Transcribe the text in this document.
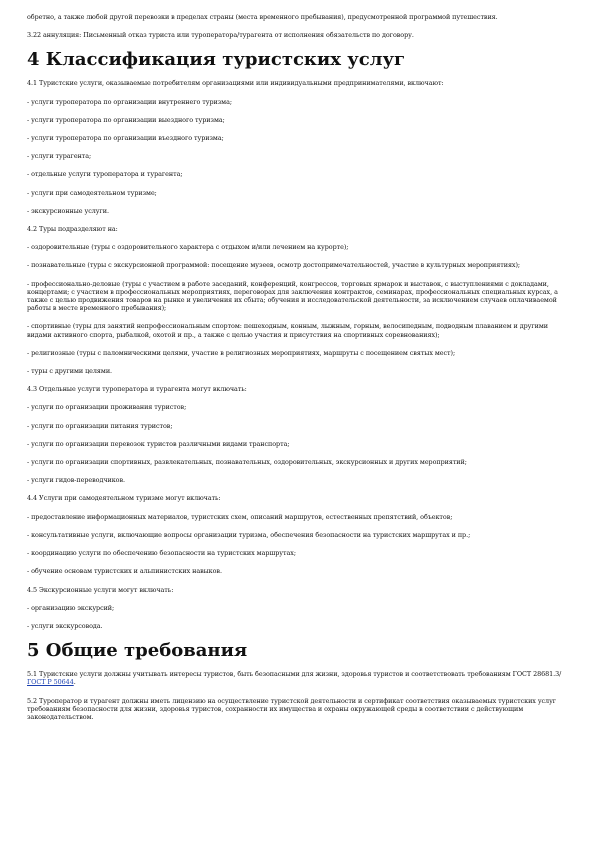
обретно, а также любой другой перевозки в пределах страны (места временного пребывания), предусмотренной программой путешествия.

3.22 аннуляция: Письменный отказ туриста или туроператора/турагента от исполнения обязательств по договору.

4 Классификация туристских услуг

4.1 Туристские услуги, оказываемые потребителям организациями или индивидуальными предпринимателями, включают:

- услуги туроператора по организации внутреннего туризма;

- услуги туроператора по организации выездного туризма;

- услуги туроператора по организации въездного туризма;

- услуги турагента;

- отдельные услуги туроператора и турагента;

- услуги при самодеятельном туризме;

- экскурсионные услуги.

4.2 Туры подразделяют на:

- оздоровительные (туры с оздоровительного характера с отдыхом и/или лечением на курорте);

- познавательные (туры с экскурсионной программой: посещение музеев, осмотр достопримечательностей, участие в культурных мероприятиях);

- профессионально-деловые (туры с участием в работе заседаний, конференций, конгрессов, торговых ярмарок и выставок, с выступлениями с докладами, концертами; с участием в профессиональных мероприятиях, переговорах для заключения контрактов, семинарах, профессиональных специальных курсах, а также с целью продвижения товаров на рынке и увеличения их сбыта; обучения и исследовательской деятельности, за исключением случаев оплачиваемой работы в месте временного пребывания);

- спортивные (туры для занятий непрофессиональным спортом: пешеходным, конным, лыжным, горным, велосипедным, подводным плаванием и другими видами активного спорта, рыбалкой, охотой и пр., а также с целью участия и присутствия на спортивных соревнованиях);

- религиозные (туры с паломническими целями, участие в религиозных мероприятиях, маршруты с посещением святых мест);

- туры с другими целями.

4.3 Отдельные услуги туроператора и турагента могут включать:

- услуги по организации проживания туристов;

- услуги по организации питания туристов;

- услуги по организации перевозок туристов различными видами транспорта;

- услуги по организации спортивных, развлекательных, познавательных, оздоровительных, экскурсионных и других мероприятий;

- услуги гидов-переводчиков.

4.4 Услуги при самодеятельном туризме могут включать:

- предоставление информационных материалов, туристских схем, описаний маршрутов, естественных препятствий, объектов;

- консультативные услуги, включающие вопросы организации туризма, обеспечения безопасности на туристских маршрутах и пр.;

- координацию услуги по обеспечению безопасности на туристских маршрутах;

- обучение основам туристских и альпинистских навыков.

4.5 Экскурсионные услуги могут включать:

- организацию экскурсий;

- услуги экскурсовода.

5 Общие требования

5.1 Туристские услуги должны учитывать интересы туристов, быть безопасными для жизни, здоровья туристов и соответствовать требованиям ГОСТ 28681.3/ГОСТ Р 50644.

5.2 Туроператор и турагент должны иметь лицензию на осуществление туристской деятельности и сертификат соответствия оказываемых туристских услуг требованиям безопасности для жизни, здоровья туристов, сохранности их имущества и охраны окружающей среды в соответствии с действующим законодательством.
